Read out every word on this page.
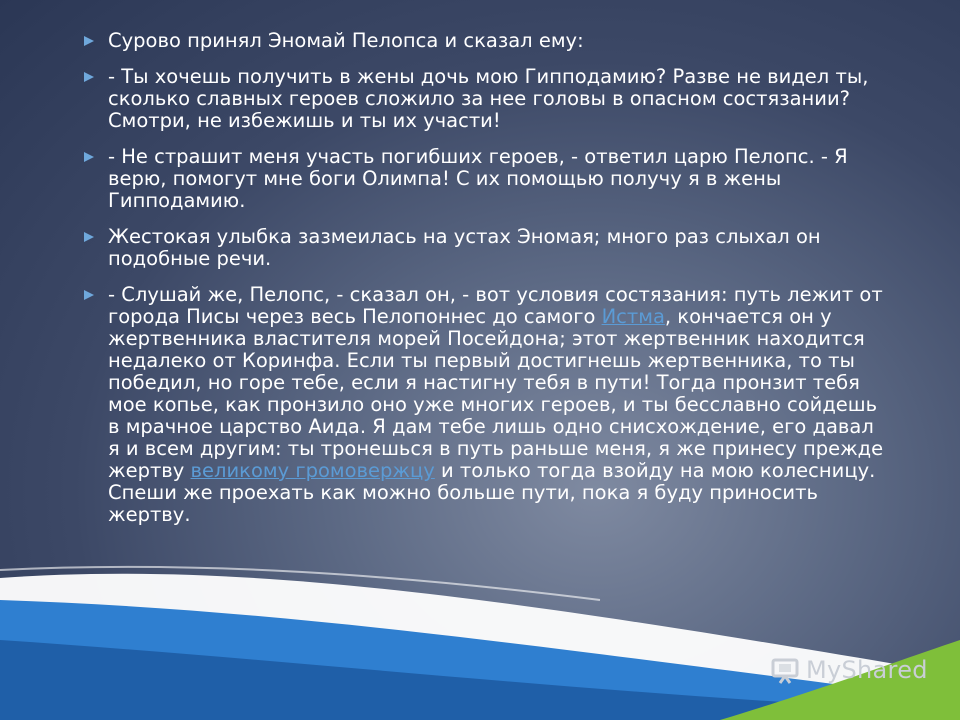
Сурово принял Эномай Пелопса и сказал ему:
- Ты хочешь получить в жены дочь мою Гипподамию? Разве не видел ты, сколько славных героев сложило за нее головы в опасном состязании? Смотри, не избежишь и ты их участи!
- Не страшит меня участь погибших героев, - ответил царю Пелопс. - Я верю, помогут мне боги Олимпа! С их помощью получу я в жены Гипподамию.
Жестокая улыбка зазмеилась на устах Эномая; много раз слыхал он подобные речи.
- Слушай же, Пелопс, - сказал он, - вот условия состязания: путь лежит от города Писы через весь Пелопоннес до самого Истма, кончается он у жертвенника властителя морей Посейдона; этот жертвенник находится недалеко от Коринфа. Если ты первый достигнешь жертвенника, то ты победил, но горе тебе, если я настигну тебя в пути! Тогда пронзит тебя мое копье, как пронзило оно уже многих героев, и ты бесславно сойдешь в мрачное царство Аида. Я дам тебе лишь одно снисхождение, его давал я и всем другим: ты тронешься в путь раньше меня, я же принесу прежде жертву великому громовержцу и только тогда взойду на мою колесницу. Спеши же проехать как можно больше пути, пока я буду приносить жертву.
MyShared
